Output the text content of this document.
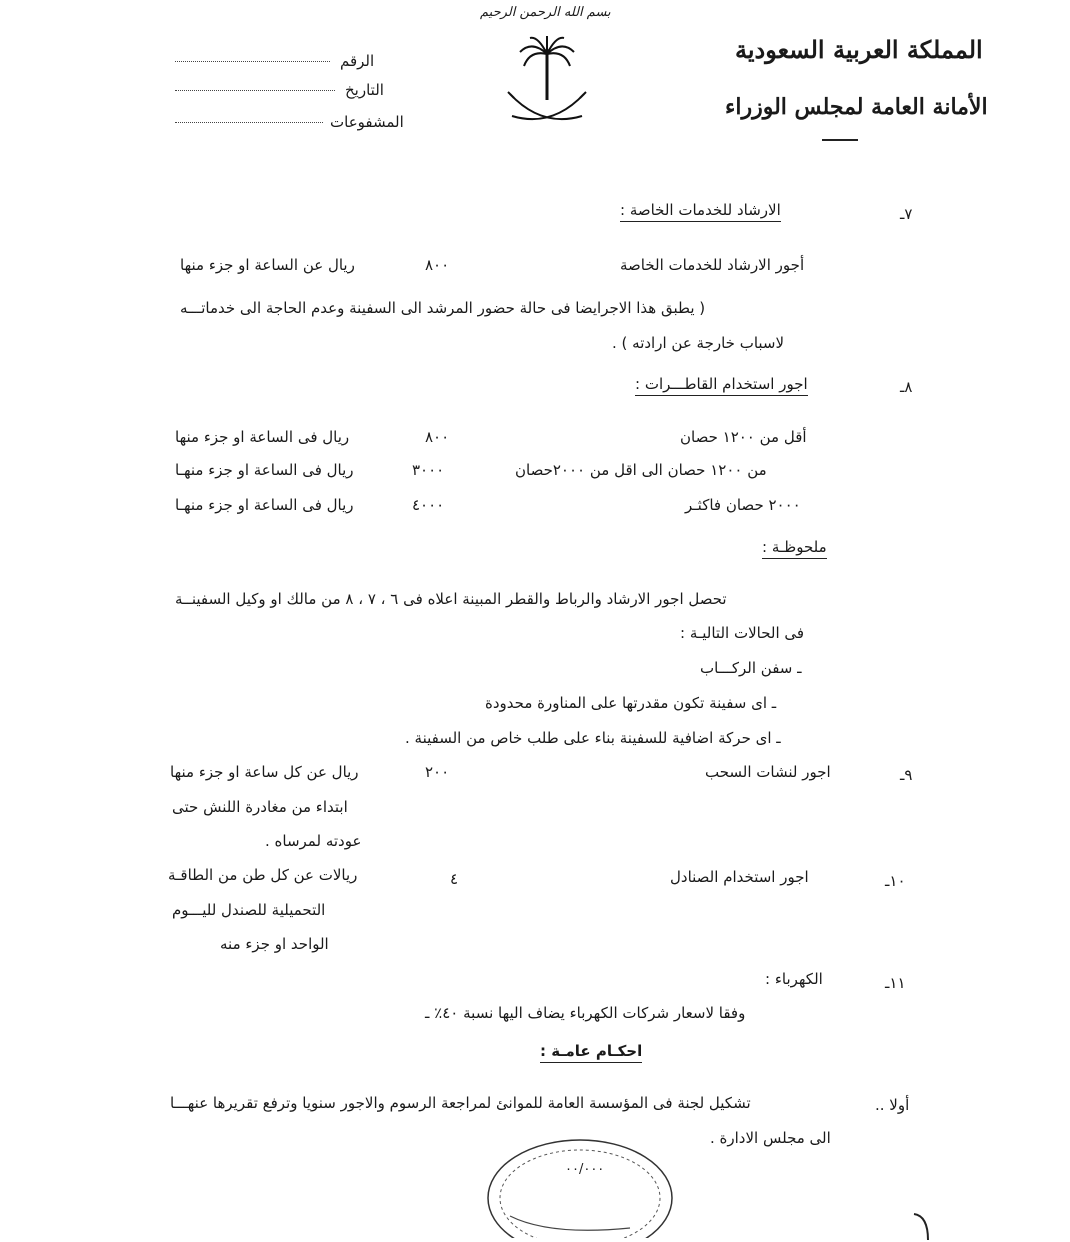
بسم الله الرحمن الرحيم
المملكة العربية السعودية
الأمانة العامة لمجلس الوزراء
الرقم
التاريخ
المشفوعات
٧ـ
الارشاد للخدمات الخاصة :
أجور الارشاد للخدمات الخاصة
٨٠٠
ريال عن الساعة او جزء منها
( يطبق هذا الاجرايضا فى حالة حضور المرشد الى السفينة وعدم الحاجة الى خدماتـــه
لاسباب خارجة عن ارادته ) .
٨ـ
اجور استخدام القاطـــرات :
أقل من ١٢٠٠ حصان
٨٠٠
ريال فى الساعة او جزء منها
من ١٢٠٠ حصان الى اقل من ٢٠٠٠حصان
٣٠٠٠
ريال فى الساعة او جزء منهـا
٢٠٠٠ حصان فاكثـر
٤٠٠٠
ريال فى الساعة او جزء منهـا
ملحوظـة :
تحصل اجور الارشاد والرباط والقطر المبينة اعلاه فى ٦ ، ٧ ، ٨ من مالك او وكيل السفينــة
فى الحالات التاليـة :
ـ سفن الركـــاب
ـ اى سفينة تكون مقدرتها على المناورة محدودة
ـ اى حركة اضافية للسفينة بناء على طلب خاص من السفينة .
٩ـ
اجور لنشات السحب
٢٠٠
ريال عن كل ساعة او جزء منها
ابتداء من مغادرة اللنش حتى
عودته لمرساه .
١٠ـ
اجور استخدام الصنادل
٤
ريالات عن كل طن من الطاقـة
التحميلية للصندل لليـــوم
الواحد او جزء منه
١١ـ
الكهرباء :
وفقا لاسعار شركات الكهرباء يضاف اليها نسبة ٤٠٪ ـ
احكـام عامـة :
أولا ..
تشكيل لجنة فى المؤسسة العامة للموانئ لمراجعة الرسوم والاجور سنويا وترفع تقريرها عنهـــا
الى مجلس الادارة .
٠٠/٠٠٠
